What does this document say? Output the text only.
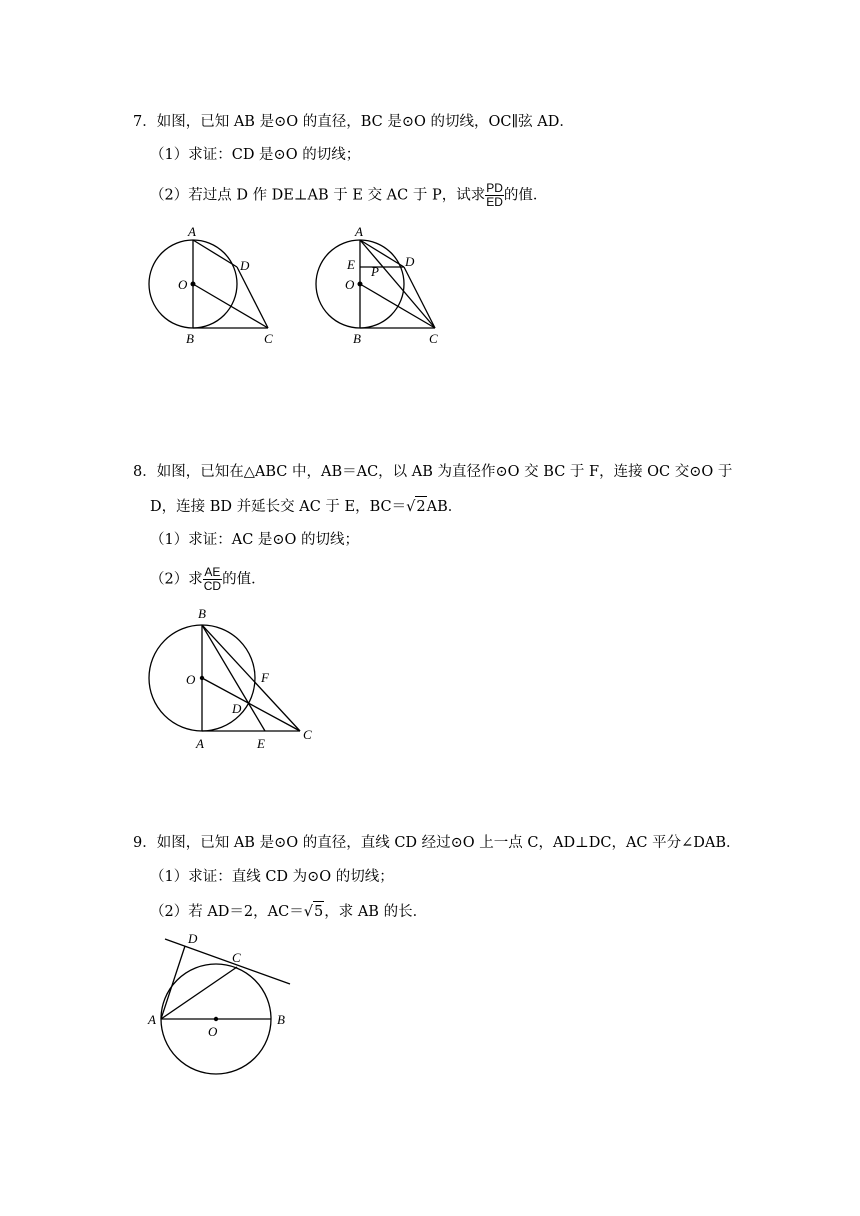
7．如图，已知 AB 是⊙O 的直径，BC 是⊙O 的切线，OC∥弦 AD．
（1）求证：CD 是⊙O 的切线；
（2）若过点 D 作 DE⊥AB 于 E 交 AC 于 P，试求 $\frac{PD}{ED}$ 的值．
A
D
O
B	C
A
E P
D
O
B	C
8．如图，已知在△ABC 中，AB＝AC，以 AB 为直径作⊙O 交 BC 于 F，连接 OC 交⊙O 于
D，连接 BD 并延长交 AC 于 E，BC＝√2AB．
（1）求证：AC 是⊙O 的切线；
（2）求 $\frac{AE}{CD}$ 的值．
B
O	F
D
A	E
C
9．如图，已知 AB 是⊙O 的直径，直线 CD 经过⊙O 上一点 C，AD⊥DC，AC 平分∠DAB．
（1）求证：直线 CD 为⊙O 的切线；
（2）若 AD＝2，AC＝√5，求 AB 的长．
D
C
A
O
B
